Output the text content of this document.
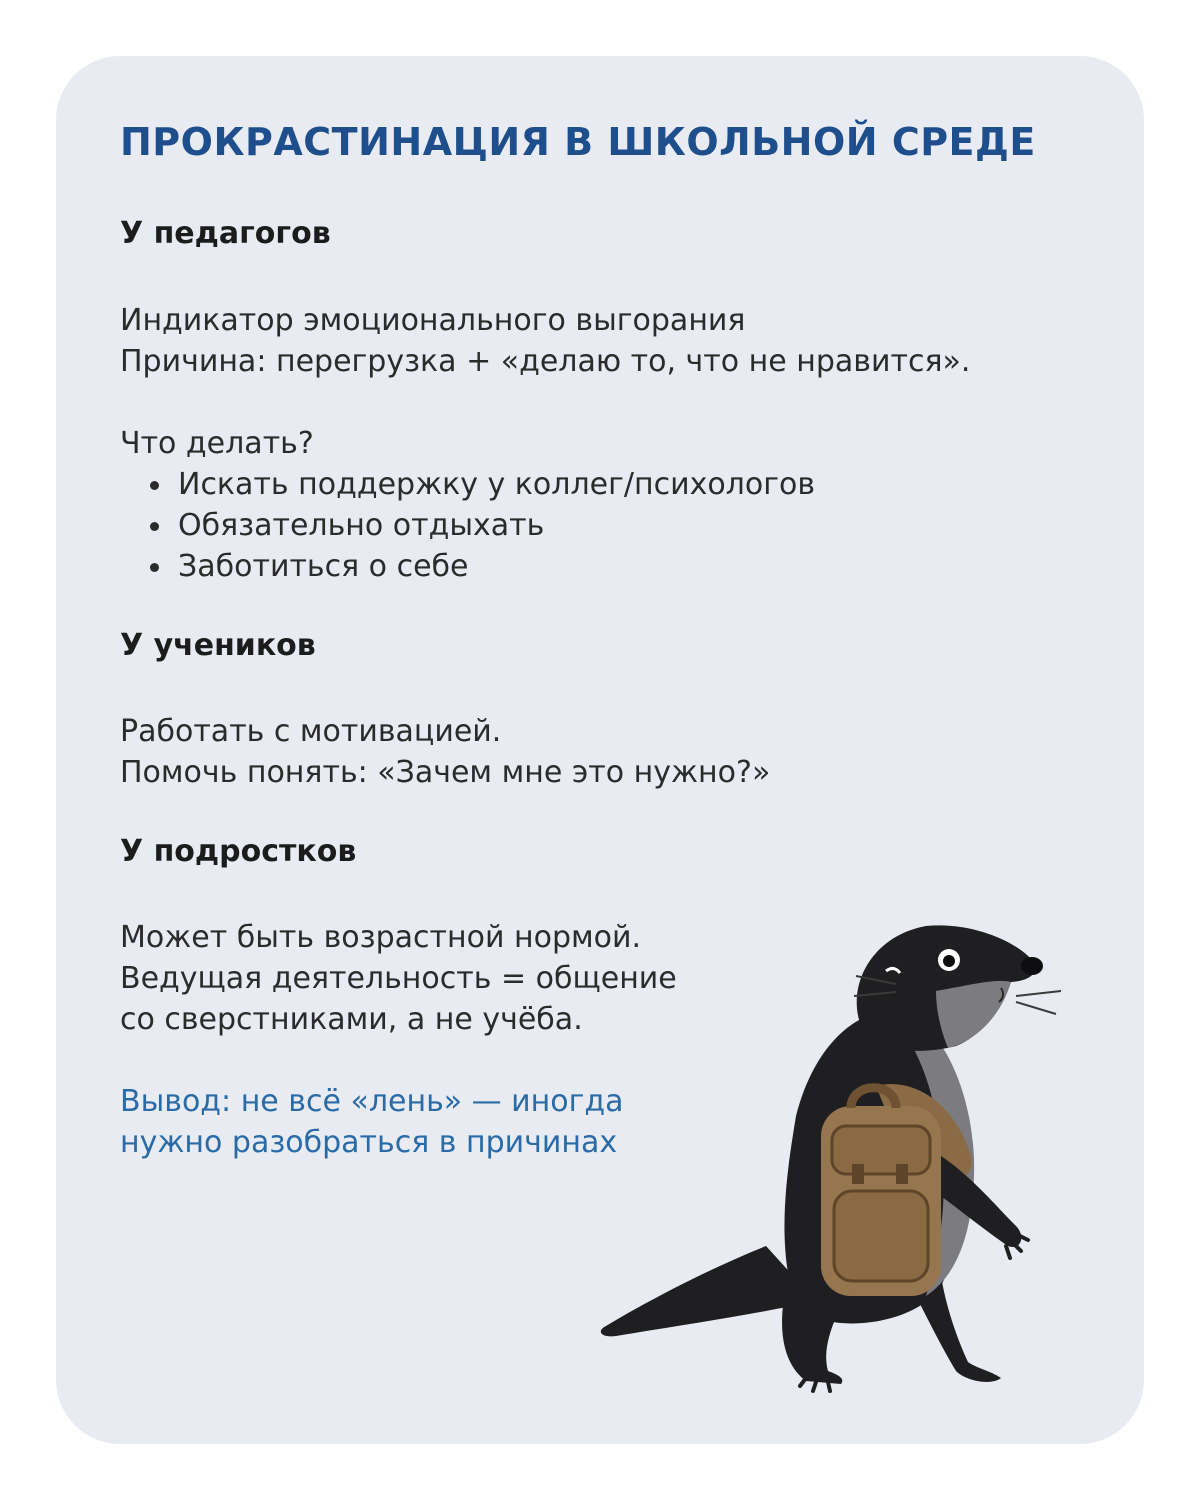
ПРОКРАСТИНАЦИЯ В ШКОЛЬНОЙ СРЕДЕ
У педагогов
Индикатор эмоционального выгорания
Причина: перегрузка + «делаю то, что не нравится».
Что делать?
Искать поддержку у коллег/психологов
Обязательно отдыхать
Заботиться о себе
У учеников
Работать с мотивацией.
Помочь понять: «Зачем мне это нужно?»
У подростков
Может быть возрастной нормой.
Ведущая деятельность = общение
со сверстниками, а не учёба.
Вывод: не всё «лень» — иногда
нужно разобраться в причинах
